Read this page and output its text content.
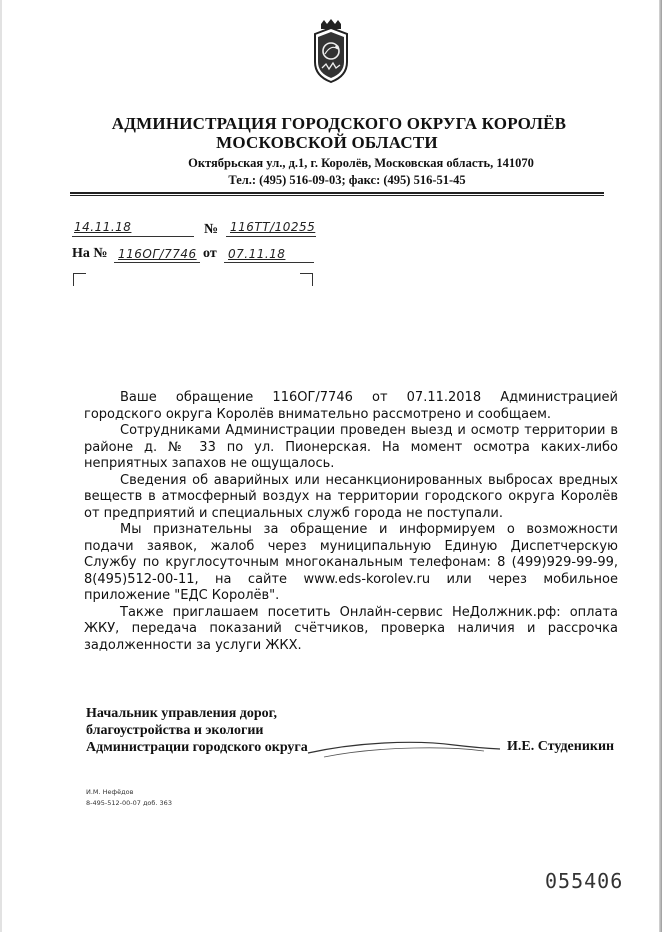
АДМИНИСТРАЦИЯ ГОРОДСКОГО ОКРУГА КОРОЛЁВ
МОСКОВСКОЙ ОБЛАСТИ
Октябрьская ул., д.1, г. Королёв, Московская область, 141070
Тел.: (495) 516-09-03; факс: (495) 516-51-45
14.11.18	№ 116ТТ/10255
На № 116ОГ/7746 от 07.11.18

Ваше обращение 116ОГ/7746 от 07.11.2018 Администрацией городского округа Королёв внимательно рассмотрено и сообщаем.

Сотрудниками Администрации проведен выезд и осмотр территории в районе д. № 33 по ул. Пионерская. На момент осмотра каких-либо неприятных запахов не ощущалось.

Сведения об аварийных или несанкционированных выбросах вредных веществ в атмосферный воздух на территории городского округа Королёв от предприятий и специальных служб города не поступали.

Мы признательны за обращение и информируем о возможности подачи заявок, жалоб через муниципальную Единую Диспетчерскую Службу по круглосуточным многоканальным телефонам: 8 (499)929-99-99, 8(495)512-00-11, на сайте www.eds-korolev.ru или через мобильное приложение "ЕДС Королёв".

Также приглашаем посетить Онлайн-сервис НеДолжник.рф: оплата ЖКУ, передача показаний счётчиков, проверка наличия и рассрочка задолженности за услуги ЖКХ.

Начальник управления дорог,
благоустройства и экологии
Администрации городского округа	И.Е. Студеникин
И.М. Нефёдов
8-495-512-00-07 доб. 363
055406
